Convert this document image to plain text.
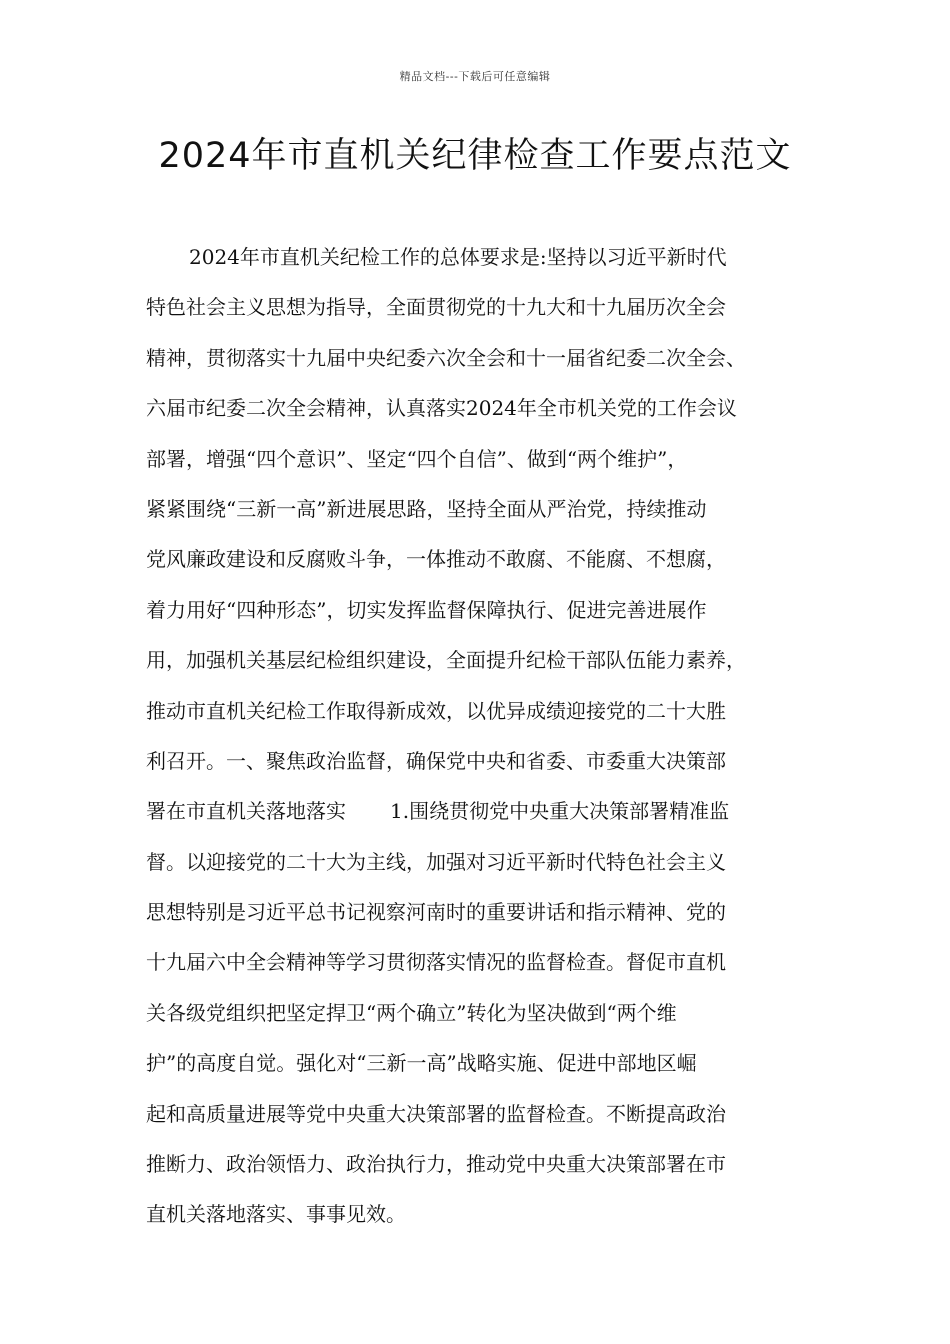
精品文档---下载后可任意编辑
2024年市直机关纪律检查工作要点范文
2024年市直机关纪检工作的总体要求是:坚持以习近平新时代
特色社会主义思想为指导，全面贯彻党的十九大和十九届历次全会
精神，贯彻落实十九届中央纪委六次全会和十一届省纪委二次全会、
六届市纪委二次全会精神，认真落实2024年全市机关党的工作会议
部署，增强“四个意识”、坚定“四个自信”、做到“两个维护”，
紧紧围绕“三新一高”新进展思路，坚持全面从严治党，持续推动
党风廉政建设和反腐败斗争，一体推动不敢腐、不能腐、不想腐，
着力用好“四种形态”，切实发挥监督保障执行、促进完善进展作
用，加强机关基层纪检组织建设，全面提升纪检干部队伍能力素养，
推动市直机关纪检工作取得新成效，以优异成绩迎接党的二十大胜
利召开。一、聚焦政治监督，确保党中央和省委、市委重大决策部
署在市直机关落地落实 1.围绕贯彻党中央重大决策部署精准监
督。以迎接党的二十大为主线，加强对习近平新时代特色社会主义
思想特别是习近平总书记视察河南时的重要讲话和指示精神、党的
十九届六中全会精神等学习贯彻落实情况的监督检查。督促市直机
关各级党组织把坚定捍卫“两个确立”转化为坚决做到“两个维
护”的高度自觉。强化对“三新一高”战略实施、促进中部地区崛
起和高质量进展等党中央重大决策部署的监督检查。不断提高政治
推断力、政治领悟力、政治执行力，推动党中央重大决策部署在市
直机关落地落实、事事见效。
